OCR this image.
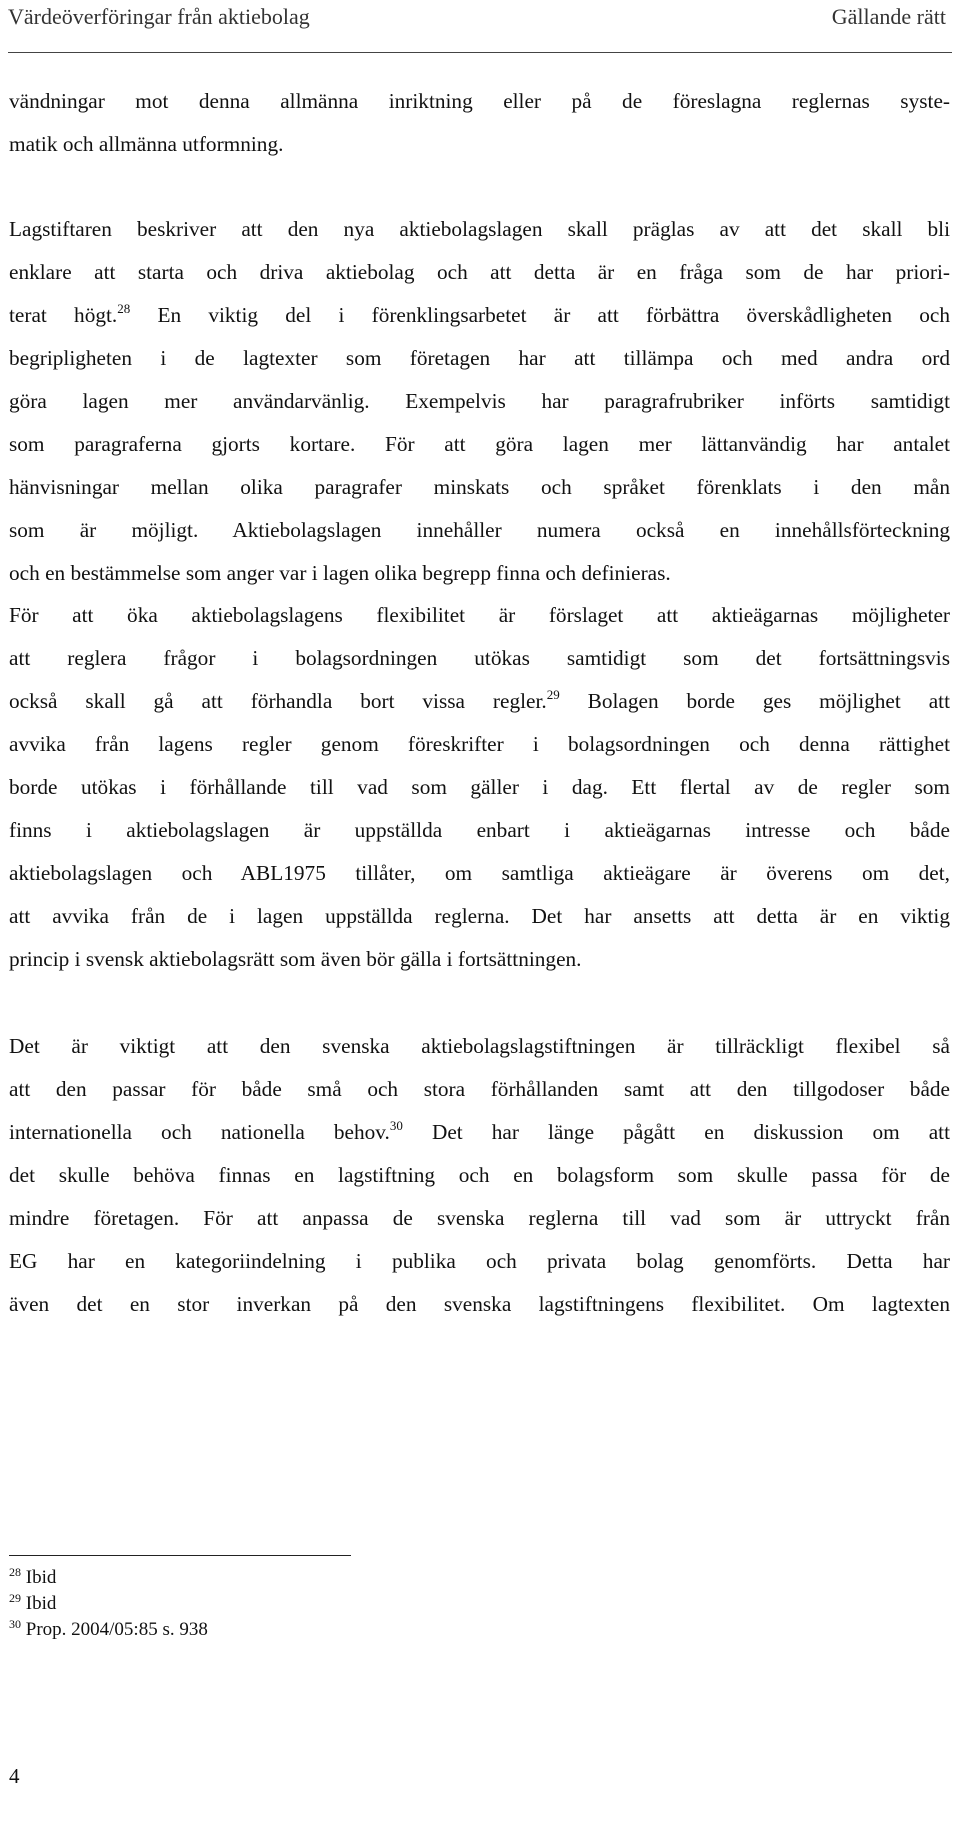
Värdeöverföringar från aktiebolag	Gällande rätt
vändningar mot denna allmänna inriktning eller på de föreslagna reglernas syste-
matik och allmänna utformning.
Lagstiftaren beskriver att den nya aktiebolagslagen skall präglas av att det skall bli
enklare att starta och driva aktiebolag och att detta är en fråga som de har priori-
terat högt.$^{28}$ En viktig del i förenklingsarbetet är att förbättra överskådligheten och
begripligheten i de lagtexter som företagen har att tillämpa och med andra ord
göra lagen mer användarvänlig. Exempelvis har paragrafrubriker införts samtidigt
som paragraferna gjorts kortare. För att göra lagen mer lättanvändig har antalet
hänvisningar mellan olika paragrafer minskats och språket förenklats i den mån
som är möjligt. Aktiebolagslagen innehåller numera också en innehållsförteckning
och en bestämmelse som anger var i lagen olika begrepp finna och definieras.
För att öka aktiebolagslagens flexibilitet är förslaget att aktieägarnas möjligheter
att reglera frågor i bolagsordningen utökas samtidigt som det fortsättningsvis
också skall gå att förhandla bort vissa regler.$^{29}$ Bolagen borde ges möjlighet att
avvika från lagens regler genom föreskrifter i bolagsordningen och denna rättighet
borde utökas i förhållande till vad som gäller i dag. Ett flertal av de regler som
finns i aktiebolagslagen är uppställda enbart i aktieägarnas intresse och både
aktiebolagslagen och ABL1975 tillåter, om samtliga aktieägare är överens om det,
att avvika från de i lagen uppställda reglerna. Det har ansetts att detta är en viktig
princip i svensk aktiebolagsrätt som även bör gälla i fortsättningen.
Det är viktigt att den svenska aktiebolagslagstiftningen är tillräckligt flexibel så
att den passar för både små och stora förhållanden samt att den tillgodoser både
internationella och nationella behov.$^{30}$ Det har länge pågått en diskussion om att
det skulle behöva finnas en lagstiftning och en bolagsform som skulle passa för de
mindre företagen. För att anpassa de svenska reglerna till vad som är uttryckt från
EG har en kategoriindelning i publika och privata bolag genomförts. Detta har
även det en stor inverkan på den svenska lagstiftningens flexibilitet. Om lagtexten
$^{28}$ Ibid
$^{29}$ Ibid
$^{30}$ Prop. 2004/05:85 s. 938
4
